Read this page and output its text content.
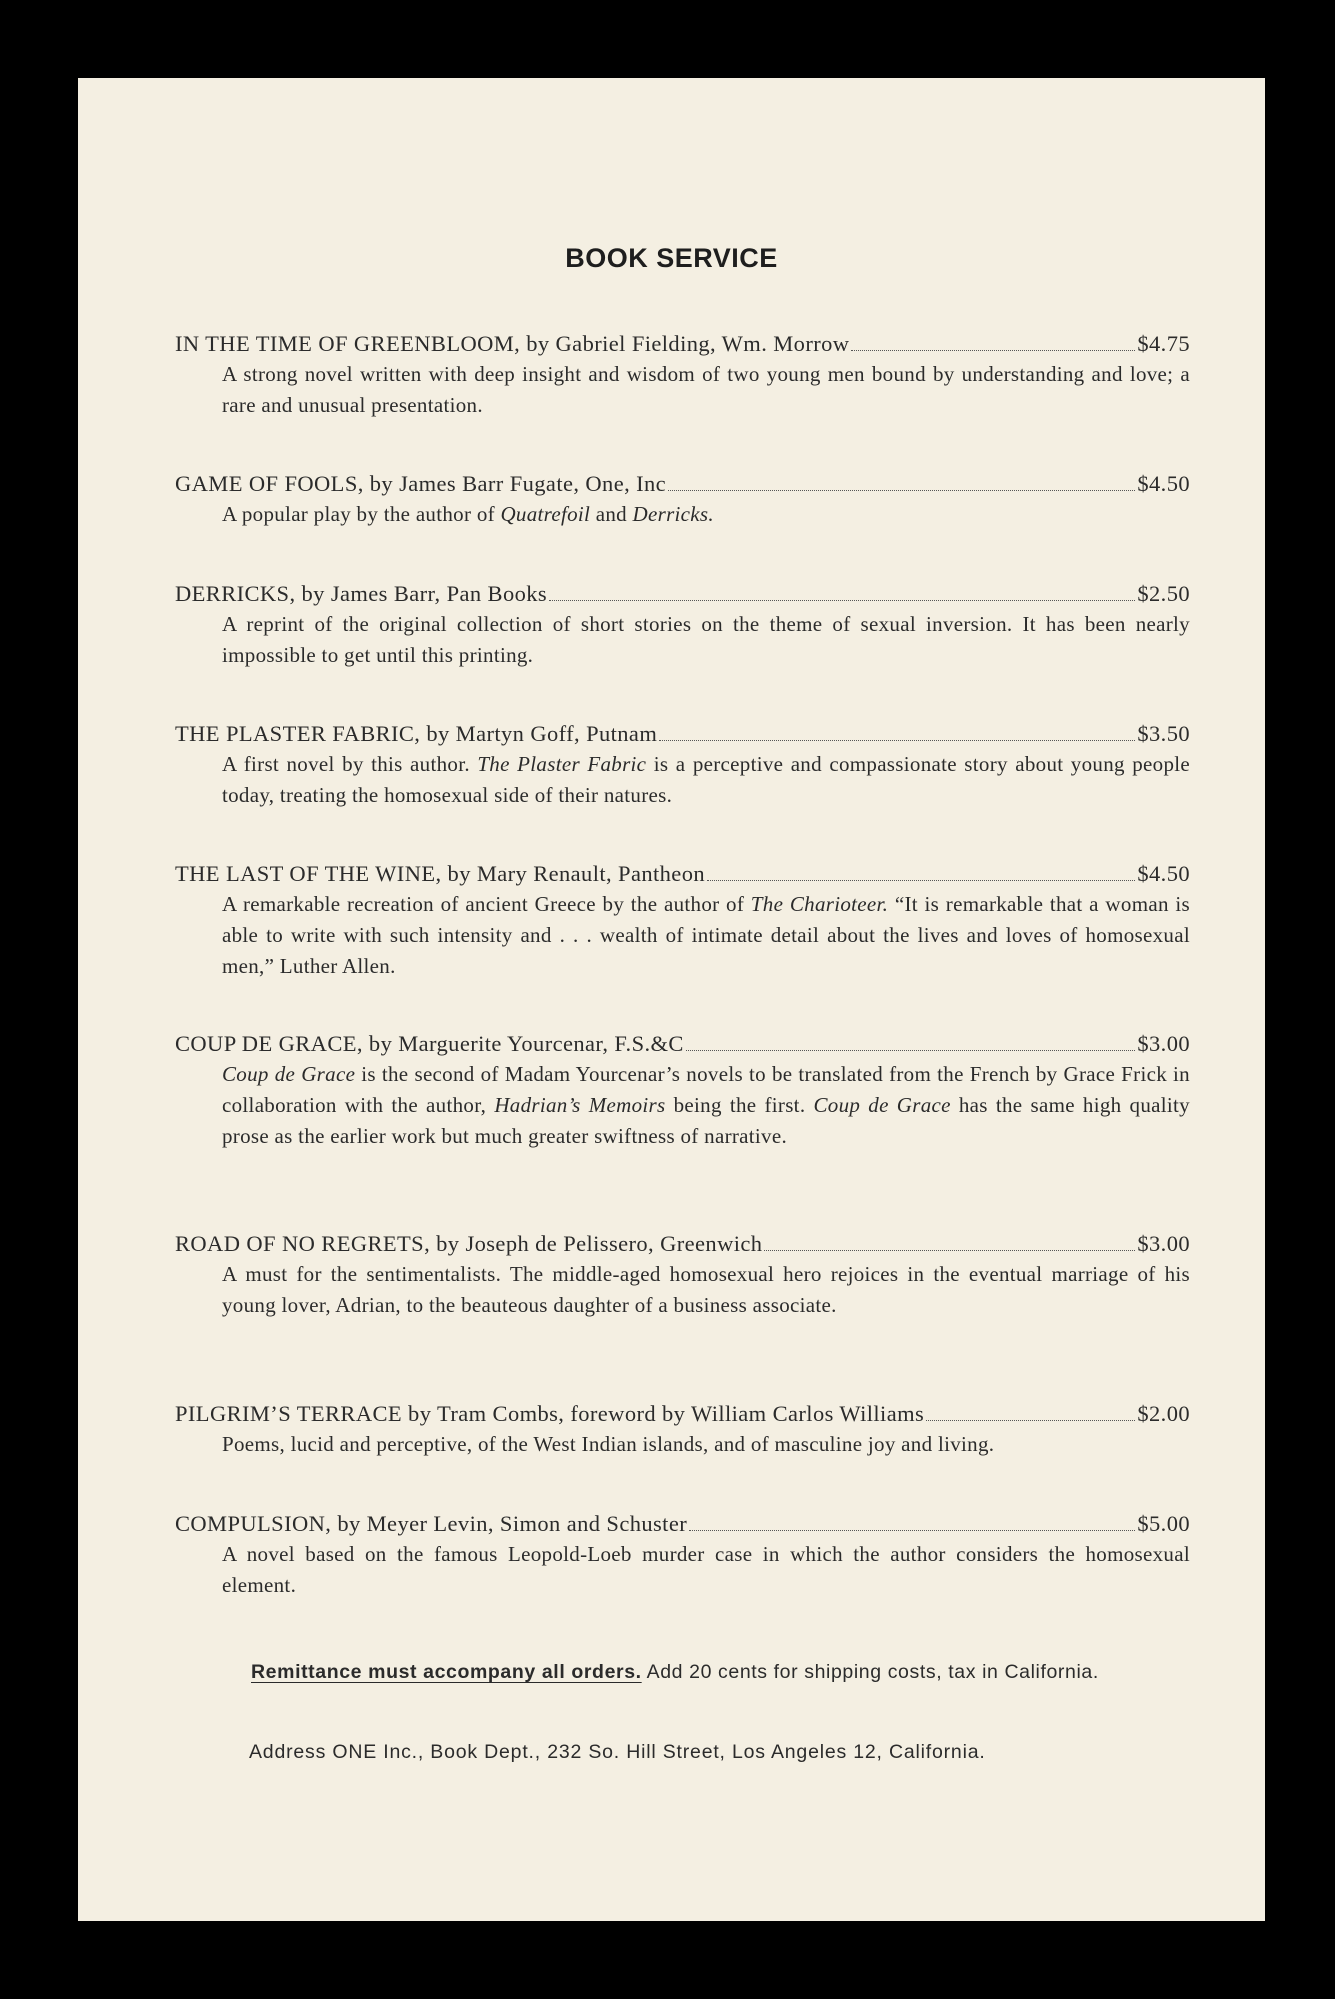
BOOK SERVICE
IN THE TIME OF GREENBLOOM, by Gabriel Fielding, Wm. Morrow	$4.75
A strong novel written with deep insight and wisdom of two young men bound by understanding and love; a rare and unusual presentation.
GAME OF FOOLS, by James Barr Fugate, One, Inc	$4.50
A popular play by the author of Quatrefoil and Derricks.
DERRICKS, by James Barr, Pan Books	$2.50
A reprint of the original collection of short stories on the theme of sexual inversion. It has been nearly impossible to get until this printing.
THE PLASTER FABRIC, by Martyn Goff, Putnam	$3.50
A first novel by this author. The Plaster Fabric is a perceptive and compassionate story about young people today, treating the homosexual side of their natures.
THE LAST OF THE WINE, by Mary Renault, Pantheon	$4.50
A remarkable recreation of ancient Greece by the author of The Charioteer. “It is remarkable that a woman is able to write with such intensity and . . . wealth of intimate detail about the lives and loves of homosexual men,” Luther Allen.
COUP DE GRACE, by Marguerite Yourcenar, F.S.&C	$3.00
Coup de Grace is the second of Madam Yourcenar’s novels to be translated from the French by Grace Frick in collaboration with the author, Hadrian’s Memoirs being the first. Coup de Grace has the same high quality prose as the earlier work but much greater swiftness of narrative.
ROAD OF NO REGRETS, by Joseph de Pelissero, Greenwich	$3.00
A must for the sentimentalists. The middle-aged homosexual hero rejoices in the eventual marriage of his young lover, Adrian, to the beauteous daughter of a business associate.
PILGRIM’S TERRACE by Tram Combs, foreword by William Carlos Williams	$2.00
Poems, lucid and perceptive, of the West Indian islands, and of masculine joy and living.
COMPULSION, by Meyer Levin, Simon and Schuster	$5.00
A novel based on the famous Leopold-Loeb murder case in which the author considers the homosexual element.
Remittance must accompany all orders. Add 20 cents for shipping costs, tax in California.
Address ONE Inc., Book Dept., 232 So. Hill Street, Los Angeles 12, California.
